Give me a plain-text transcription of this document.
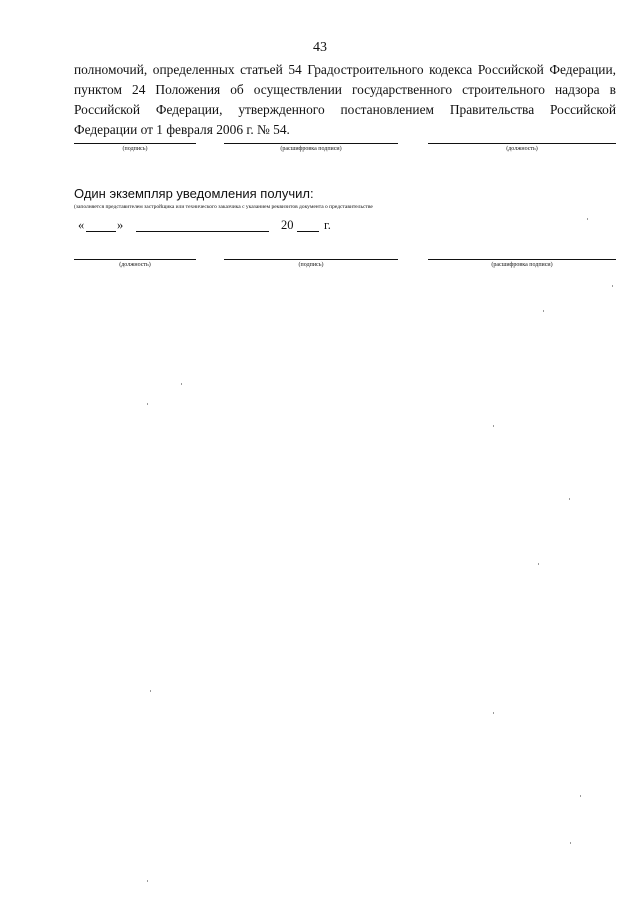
43

полномочий, определенных статьей 54 Градостроительного кодекса Российской Федерации, пунктом 24 Положения об осуществлении государственного строительного надзора в Российской Федерации, утвержденного постановлением Правительства Российской Федерации от 1 февраля 2006 г. № 54.

(подпись)	(расшифровка подписи)	(должность)
Один экземпляр уведомления получил:
(заполняется представителем застройщика или технического заказчика с указанием реквизитов документа о представительстве
«	»	20 г.
(должность)	(подпись)	(расшифровка подписи)
